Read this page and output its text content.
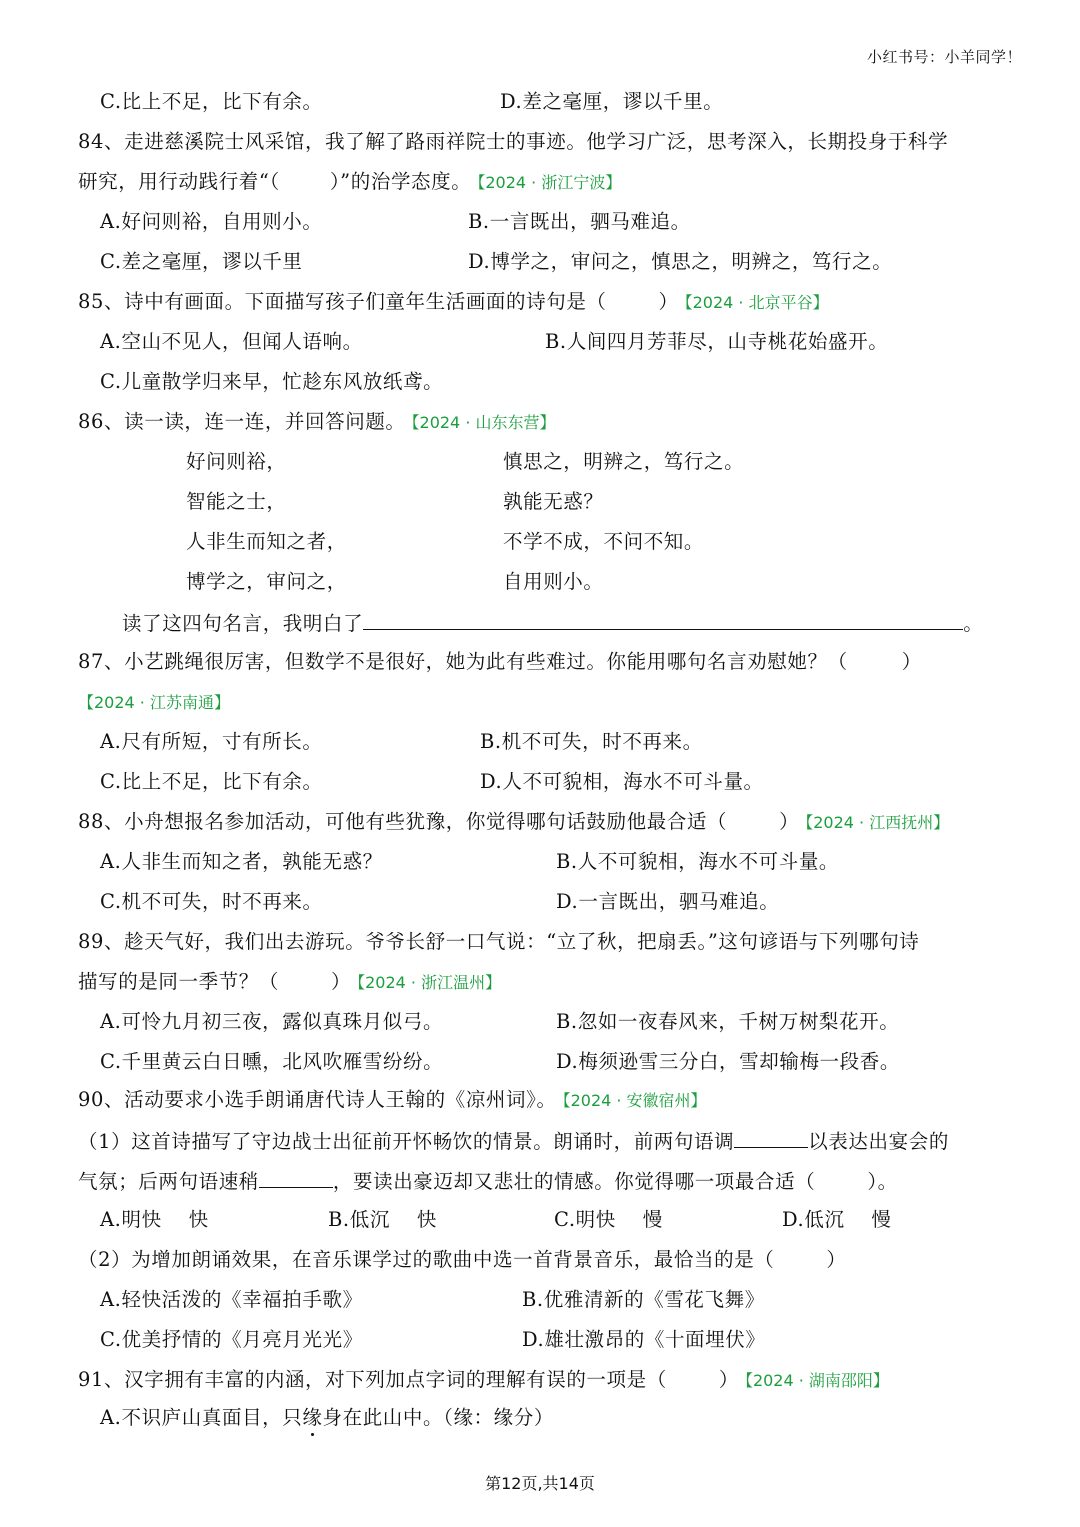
小红书号：小羊同学！
C.比上不足，比下有余。	D.差之毫厘，谬以千里。
84、走进慈溪院士风采馆，我了解了路雨祥院士的事迹。他学习广泛，思考深入，长期投身于科学
研究，用行动践行着“（	）”的治学态度。 【2024 · 浙江宁波】
A.好问则裕，自用则小。	B.一言既出，驷马难追。
C.差之毫厘，谬以千里	D.博学之，审问之，慎思之，明辨之，笃行之。
85、诗中有画面。下面描写孩子们童年生活画面的诗句是（	） 【2024 · 北京平谷】
A.空山不见人，但闻人语响。	B.人间四月芳菲尽，山寺桃花始盛开。
C.儿童散学归来早，忙趁东风放纸鸢。
86、读一读，连一连，并回答问题。 【2024 · 山东东营】
好问则裕，	慎思之，明辨之，笃行之。
智能之士，	孰能无惑？
人非生而知之者，	不学不成，不问不知。
博学之，审问之，	自用则小。
读了这四句名言，我明白了	。
87、小艺跳绳很厉害，但数学不是很好，她为此有些难过。你能用哪句名言劝慰她？（	）
【2024 · 江苏南通】
A.尺有所短，寸有所长。	B.机不可失，时不再来。
C.比上不足，比下有余。	D.人不可貌相，海水不可斗量。
88、小舟想报名参加活动，可他有些犹豫，你觉得哪句话鼓励他最合适（	） 【2024 · 江西抚州】
A.人非生而知之者，孰能无惑？	B.人不可貌相，海水不可斗量。
C.机不可失，时不再来。	D.一言既出，驷马难追。
89、趁天气好，我们出去游玩。爷爷长舒一口气说：“立了秋，把扇丢。”这句谚语与下列哪句诗
描写的是同一季节？（	） 【2024 · 浙江温州】
A.可怜九月初三夜，露似真珠月似弓。	B.忽如一夜春风来，千树万树梨花开。
C.千里黄云白日曛，北风吹雁雪纷纷。	D.梅须逊雪三分白，雪却输梅一段香。
90、活动要求小选手朗诵唐代诗人王翰的《凉州词》。 【2024 · 安徽宿州】
（1）这首诗描写了守边战士出征前开怀畅饮的情景。朗诵时，前两句语调	以表达出宴会的
气氛；后两句语速稍	，要读出豪迈却又悲壮的情感。你觉得哪一项最合适（	）。
A.明快　 快	B.低沉　 快	C.明快　 慢	D.低沉　 慢
（2）为增加朗诵效果，在音乐课学过的歌曲中选一首背景音乐，最恰当的是（	）
A.轻快活泼的《幸福拍手歌》	B.优雅清新的《雪花飞舞》
C.优美抒情的《月亮月光光》	D.雄壮激昂的《十面埋伏》
91、汉字拥有丰富的内涵，对下列加点字词的理解有误的一项是（	） 【2024 · 湖南邵阳】
A.不识庐山真面目，只缘身在此山中。（缘：缘分）
第12页,共14页
